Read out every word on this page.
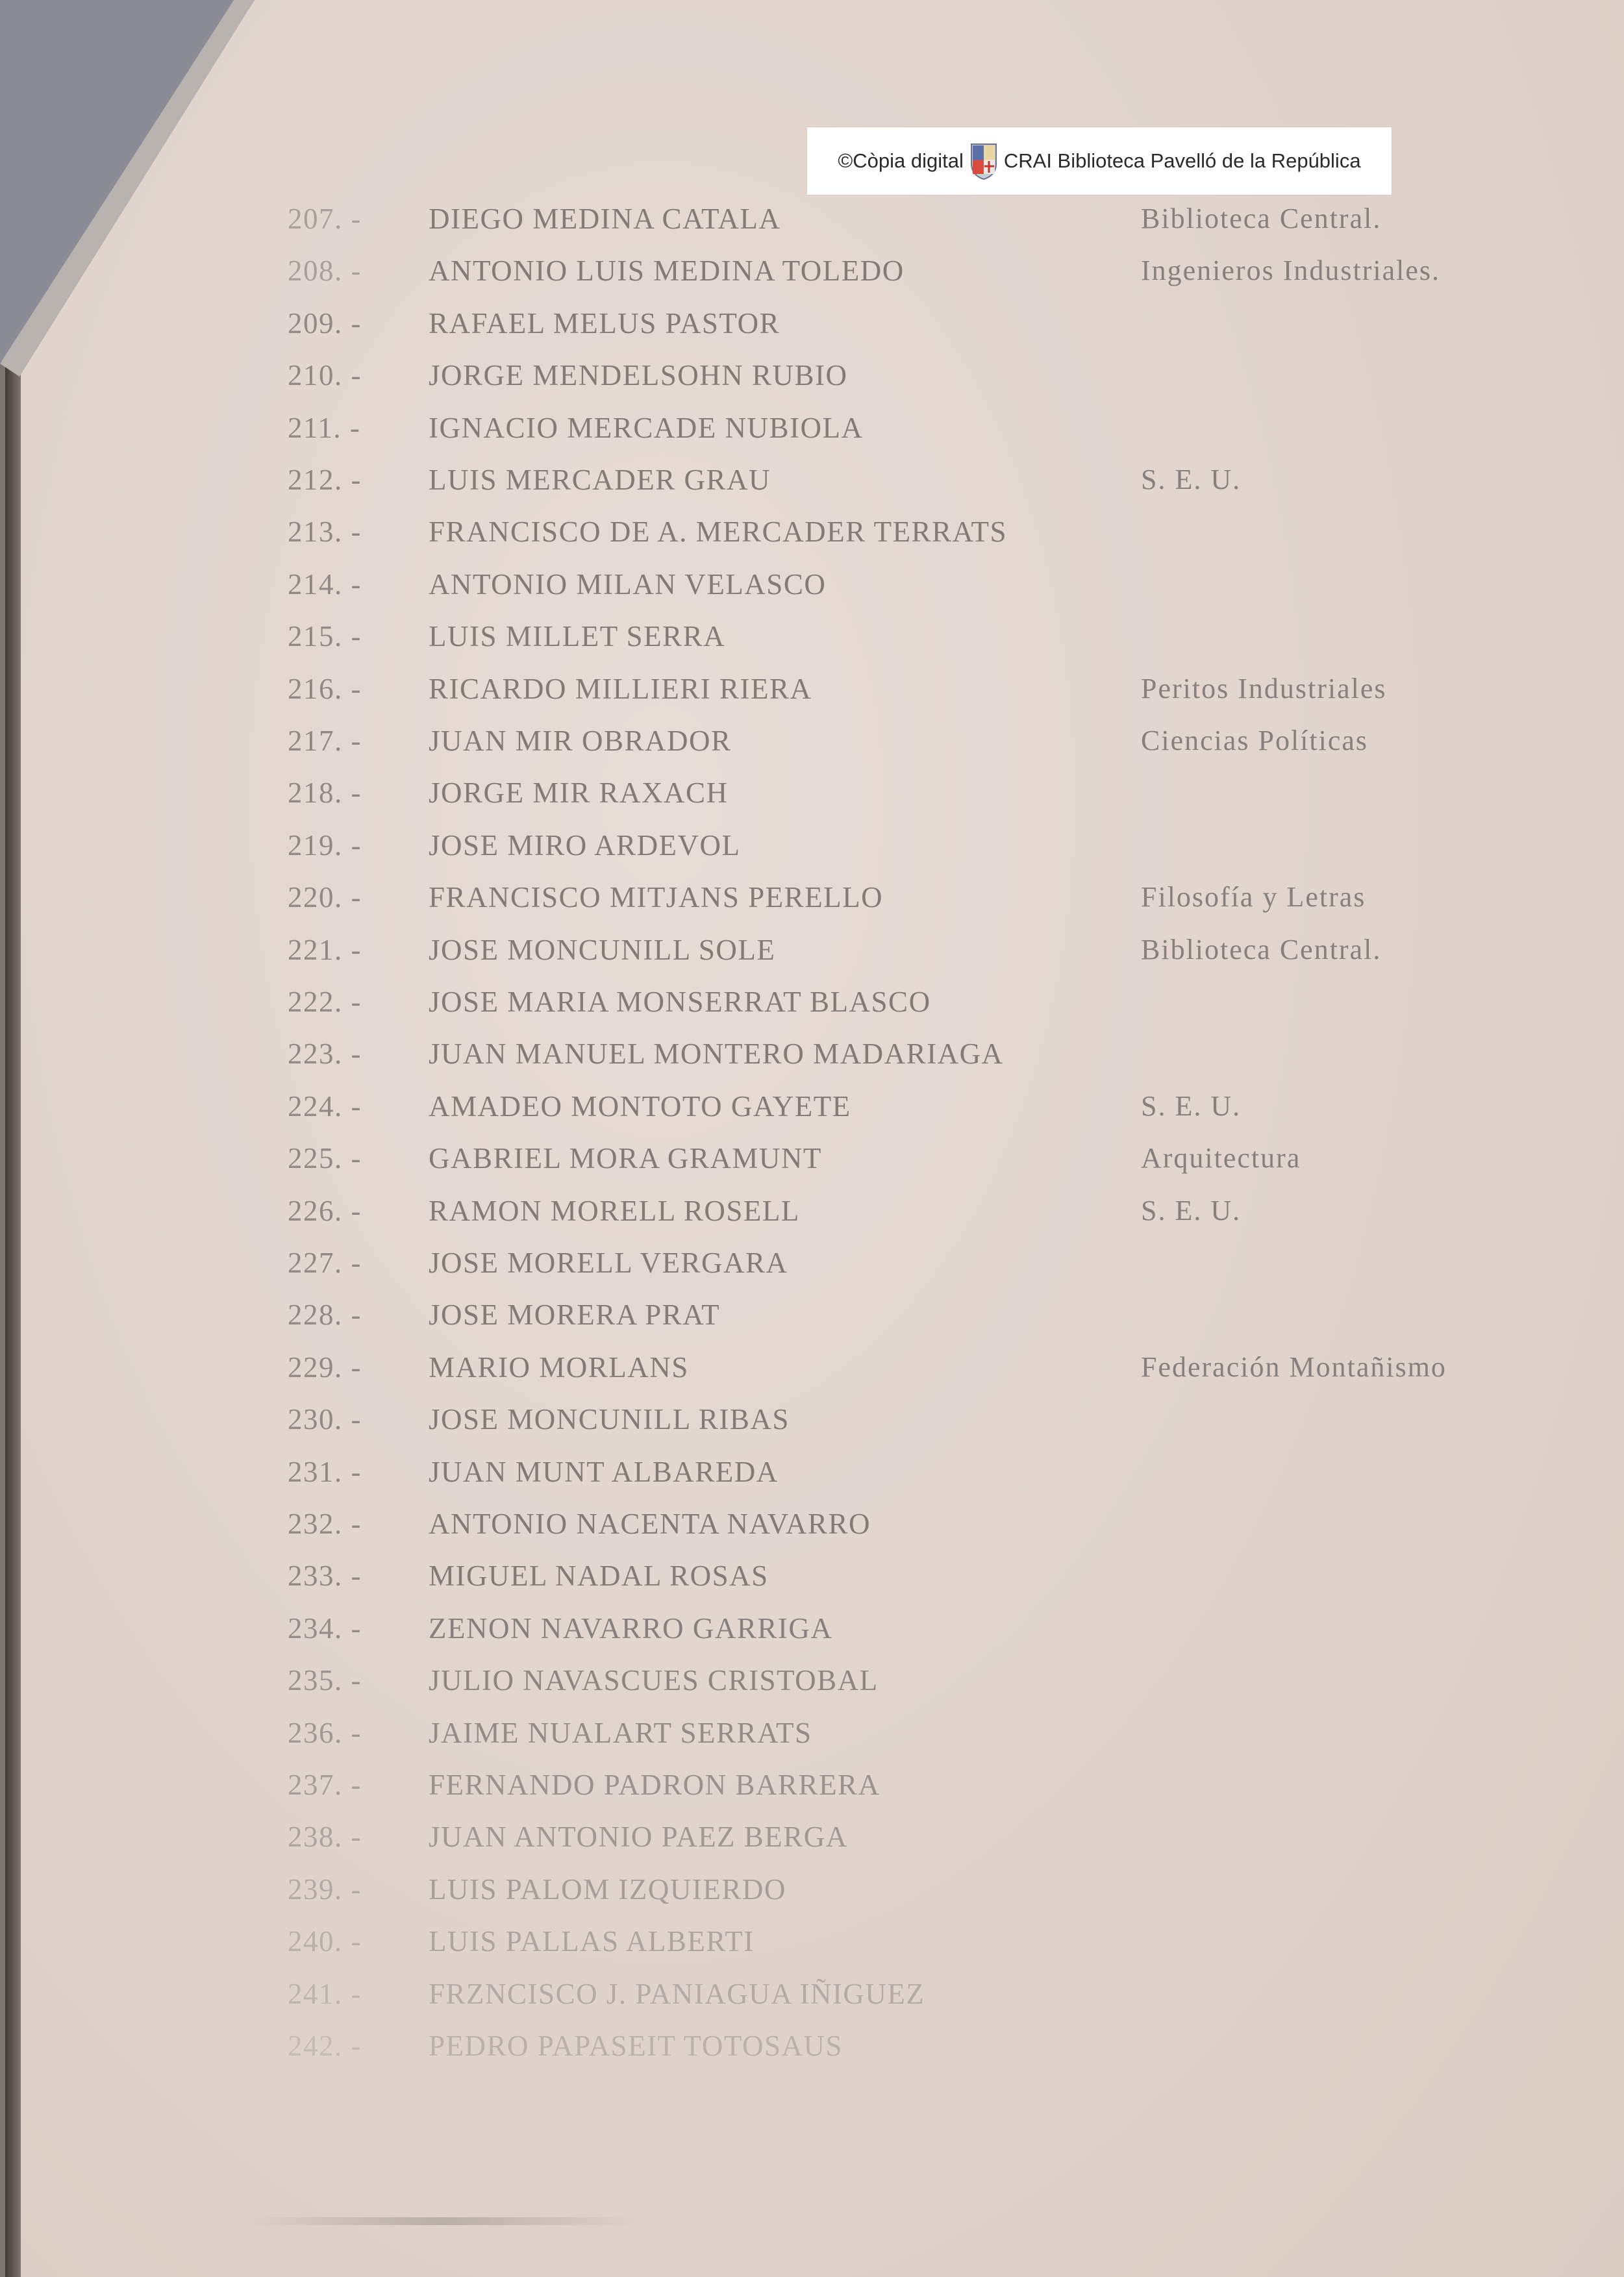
©Còpia digital CRAI Biblioteca Pavelló de la República
207. - DIEGO MEDINA CATALA	Biblioteca Central.
208. - ANTONIO LUIS MEDINA TOLEDO	Ingenieros Industriales.
209. - RAFAEL MELUS PASTOR
210. - JORGE MENDELSOHN RUBIO
211. - IGNACIO MERCADE NUBIOLA
212. - LUIS MERCADER GRAU	S. E. U.
213. - FRANCISCO DE A. MERCADER TERRATS
214. - ANTONIO MILAN VELASCO
215. - LUIS MILLET SERRA
216. - RICARDO MILLIERI RIERA	Peritos Industriales
217. - JUAN MIR OBRADOR	Ciencias Políticas
218. - JORGE MIR RAXACH
219. - JOSE MIRO ARDEVOL
220. - FRANCISCO MITJANS PERELLO	Filosofía y Letras
221. - JOSE MONCUNILL SOLE	Biblioteca Central.
222. - JOSE MARIA MONSERRAT BLASCO
223. - JUAN MANUEL MONTERO MADARIAGA
224. - AMADEO MONTOTO GAYETE	S. E. U.
225. - GABRIEL MORA GRAMUNT	Arquitectura
226. - RAMON MORELL ROSELL	S. E. U.
227. - JOSE MORELL VERGARA
228. - JOSE MORERA PRAT
229. - MARIO MORLANS	Federación Montañismo
230. - JOSE MONCUNILL RIBAS
231. - JUAN MUNT ALBAREDA
232. - ANTONIO NACENTA NAVARRO
233. - MIGUEL NADAL ROSAS
234. - ZENON NAVARRO GARRIGA
235. - JULIO NAVASCUES CRISTOBAL
236. - JAIME NUALART SERRATS
237. - FERNANDO PADRON BARRERA
238. - JUAN ANTONIO PAEZ BERGA
239. - LUIS PALOM IZQUIERDO
240. - LUIS PALLAS ALBERTI
241. - FRZNCISCO J. PANIAGUA IÑIGUEZ
242. - PEDRO PAPASEIT TOTOSAUS
